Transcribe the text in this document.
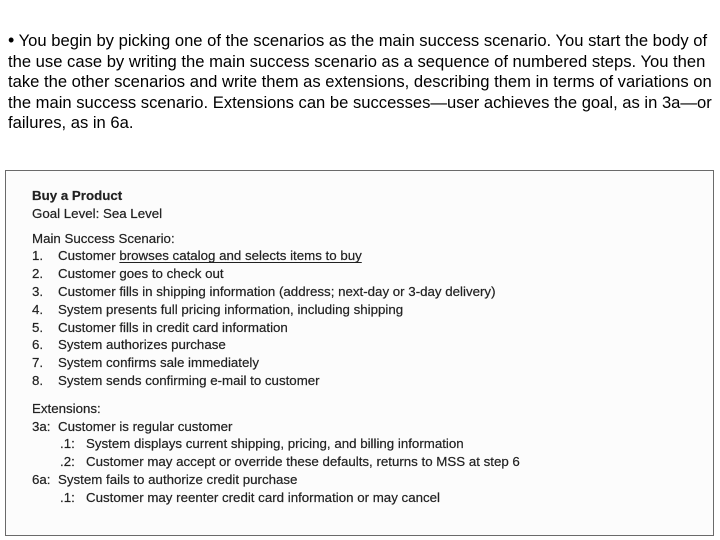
• You begin by picking one of the scenarios as the main success scenario. You start the body of the use case by writing the main success scenario as a sequence of numbered steps. You then take the other scenarios and write them as extensions, describing them in terms of variations on the main success scenario. Extensions can be successes—user achieves the goal, as in 3a—or failures, as in 6a.
Buy a Product
Goal Level: Sea Level
Main Success Scenario:
1. Customer browses catalog and selects items to buy
2. Customer goes to check out
3. Customer fills in shipping information (address; next-day or 3-day delivery)
4. System presents full pricing information, including shipping
5. Customer fills in credit card information
6. System authorizes purchase
7. System confirms sale immediately
8. System sends confirming e-mail to customer
Extensions:
3a: Customer is regular customer
.1: System displays current shipping, pricing, and billing information
.2: Customer may accept or override these defaults, returns to MSS at step 6
6a: System fails to authorize credit purchase
.1: Customer may reenter credit card information or may cancel
